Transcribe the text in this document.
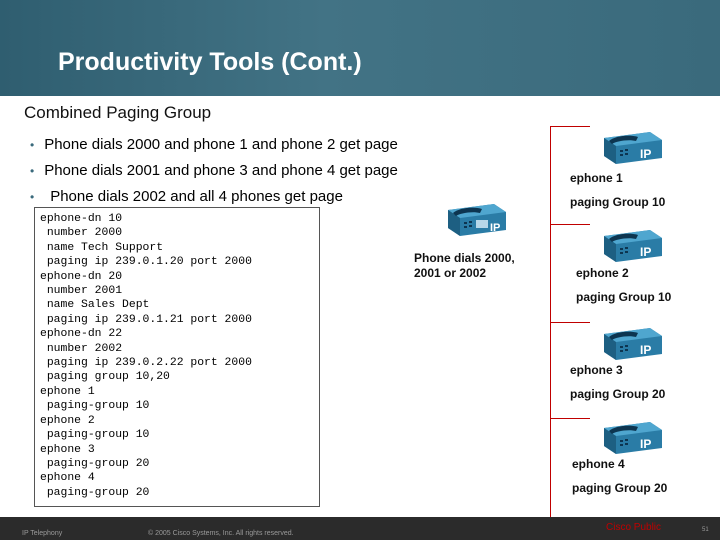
Productivity Tools (Cont.)
Combined Paging Group
• Phone dials 2000 and phone 1 and phone 2 get page
• Phone dials 2001 and phone 3 and phone 4 get page
• Phone dials 2002 and all 4 phones get page
ephone-dn 10
number 2000
name Tech Support
paging ip 239.0.1.20 port 2000
ephone-dn 20
number 2001
name Sales Dept
paging ip 239.0.1.21 port 2000
ephone-dn 22
number 2002
paging ip 239.0.2.22 port 2000
paging group 10,20
ephone 1
paging-group 10
ephone 2
paging-group 10
ephone 3
paging-group 20
ephone 4
paging-group 20

IP
Phone dials 2000,
2001 or 2002
IP
ephone 1
paging Group 10
IP
ephone 2
paging Group 10
IP
ephone 3
paging Group 20
IP
ephone 4
paging Group 20
IP Telephony	© 2005 Cisco Systems, Inc. All rights reserved.
Cisco Public	51
